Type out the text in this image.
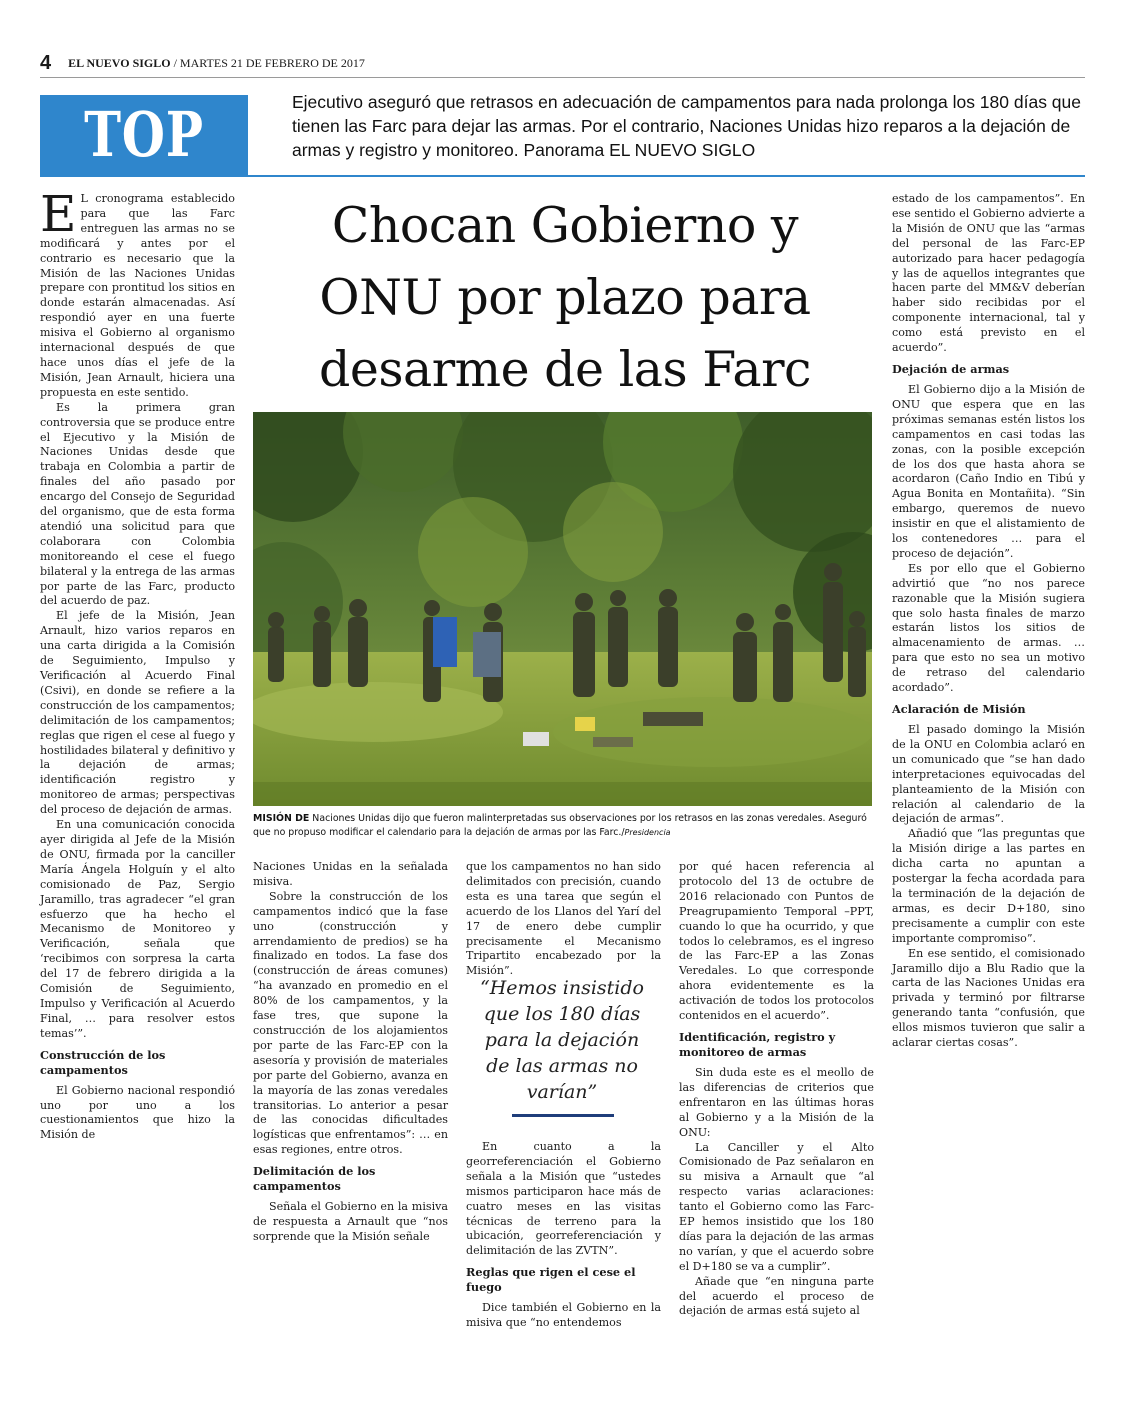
4 EL NUEVO SIGLO / MARTES 21 DE FEBRERO DE 2017
TOP 2
Ejecutivo aseguró que retrasos en adecuación de campamentos para nada prolonga los 180 días que tienen las Farc para dejar las armas. Por el contrario, Naciones Unidas hizo reparos a la dejación de armas y registro y monitoreo. Panorama EL NUEVO SIGLO
Chocan Gobierno y
ONU por plazo para
desarme de las Farc
MISIÓN DE Naciones Unidas dijo que fueron malinterpretadas sus observaciones por los retrasos en las zonas veredales. Aseguró que no propuso modificar el calendario para la dejación de armas por las Farc./Presidencia

E L cronograma establecido para que las Farc entreguen las armas no se modificará y antes por el contrario es necesario que la Misión de las Naciones Unidas prepare con prontitud los sitios en donde estarán almacenadas. Así respondió ayer en una fuerte misiva el Gobierno al organismo internacional después de que hace unos días el jefe de la Misión, Jean Arnault, hiciera una propuesta en este sentido.

Es la primera gran controversia que se produce entre el Ejecutivo y la Misión de Naciones Unidas desde que trabaja en Colombia a partir de finales del año pasado por encargo del Consejo de Seguridad del organismo, que de esta forma atendió una solicitud para que colaborara con Colombia monitoreando el cese el fuego bilateral y la entrega de las armas por parte de las Farc, producto del acuerdo de paz.

El jefe de la Misión, Jean Arnault, hizo varios reparos en una carta dirigida a la Comisión de Seguimiento, Impulso y Verificación al Acuerdo Final (Csivi), en donde se refiere a la construcción de los campamentos; delimitación de los campamentos; reglas que rigen el cese al fuego y hostilidades bilateral y definitivo y la dejación de armas; identificación registro y monitoreo de armas; perspectivas del proceso de dejación de armas.

En una comunicación conocida ayer dirigida al Jefe de la Misión de ONU, firmada por la canciller María Ángela Holguín y el alto comisionado de Paz, Sergio Jaramillo, tras agradecer “el gran esfuerzo que ha hecho el Mecanismo de Monitoreo y Verificación, señala que ‘recibimos con sorpresa la carta del 17 de febrero dirigida a la Comisión de Seguimiento, Impulso y Verificación al Acuerdo Final, … para resolver estos temas’”.

Construcción de los campamentos

El Gobierno nacional respondió uno por uno a los cuestionamientos que hizo la Misión de

Naciones Unidas en la señalada misiva.

Sobre la construcción de los campamentos indicó que la fase uno (construcción y arrendamiento de predios) se ha finalizado en todos. La fase dos (construcción de áreas comunes) “ha avanzado en promedio en el 80% de los campamentos, y la fase tres, que supone la construcción de los alojamientos por parte de las Farc-EP con la asesoría y provisión de materiales por parte del Gobierno, avanza en la mayoría de las zonas veredales transitorias. Lo anterior a pesar de las conocidas dificultades logísticas que enfrentamos”: … en esas regiones, entre otros.

Delimitación de los campamentos

Señala el Gobierno en la misiva de respuesta a Arnault que “nos sorprende que la Misión señale

que los campamentos no han sido delimitados con precisión, cuando esta es una tarea que según el acuerdo de los Llanos del Yarí del 17 de enero debe cumplir precisamente el Mecanismo Tripartito encabezado por la Misión”.

“Hemos insistido que los 180 días para la dejación de las armas no varían”

En cuanto a la georreferenciación el Gobierno señala a la Misión que “ustedes mismos participaron hace más de cuatro meses en las visitas técnicas de terreno para la ubicación, georreferenciación y delimitación de las ZVTN”.

Reglas que rigen el cese el fuego

Dice también el Gobierno en la misiva que “no entendemos

por qué hacen referencia al protocolo del 13 de octubre de 2016 relacionado con Puntos de Preagrupamiento Temporal –PPT, cuando lo que ha ocurrido, y que todos lo celebramos, es el ingreso de las Farc-EP a las Zonas Veredales. Lo que corresponde ahora evidentemente es la activación de todos los protocolos contenidos en el acuerdo”.

Identificación, registro y monitoreo de armas

Sin duda este es el meollo de las diferencias de criterios que enfrentaron en las últimas horas al Gobierno y a la Misión de la ONU:

La Canciller y el Alto Comisionado de Paz señalaron en su misiva a Arnault que “al respecto varias aclaraciones: tanto el Gobierno como las Farc-EP hemos insistido que los 180 días para la dejación de las armas no varían, y que el acuerdo sobre el D+180 se va a cumplir”.

Añade que “en ninguna parte del acuerdo el proceso de dejación de armas está sujeto al

estado de los campamentos”. En ese sentido el Gobierno advierte a la Misión de ONU que las “armas del personal de las Farc-EP autorizado para hacer pedagogía y las de aquellos integrantes que hacen parte del MM&V deberían haber sido recibidas por el componente internacional, tal y como está previsto en el acuerdo”.

Dejación de armas

El Gobierno dijo a la Misión de ONU que espera que en las próximas semanas estén listos los campamentos en casi todas las zonas, con la posible excepción de los dos que hasta ahora se acordaron (Caño Indio en Tibú y Agua Bonita en Montañita). “Sin embargo, queremos de nuevo insistir en que el alistamiento de los contenedores … para el proceso de dejación”.

Es por ello que el Gobierno advirtió que “no nos parece razonable que la Misión sugiera que solo hasta finales de marzo estarán listos los sitios de almacenamiento de armas. … para que esto no sea un motivo de retraso del calendario acordado”.

Aclaración de Misión

El pasado domingo la Misión de la ONU en Colombia aclaró en un comunicado que “se han dado interpretaciones equivocadas del planteamiento de la Misión con relación al calendario de la dejación de armas”.

Añadió que “las preguntas que la Misión dirige a las partes en dicha carta no apuntan a postergar la fecha acordada para la terminación de la dejación de armas, es decir D+180, sino precisamente a cumplir con este importante compromiso”.

En ese sentido, el comisionado Jaramillo dijo a Blu Radio que la carta de las Naciones Unidas era privada y terminó por filtrarse generando tanta “confusión, que ellos mismos tuvieron que salir a aclarar ciertas cosas”.
